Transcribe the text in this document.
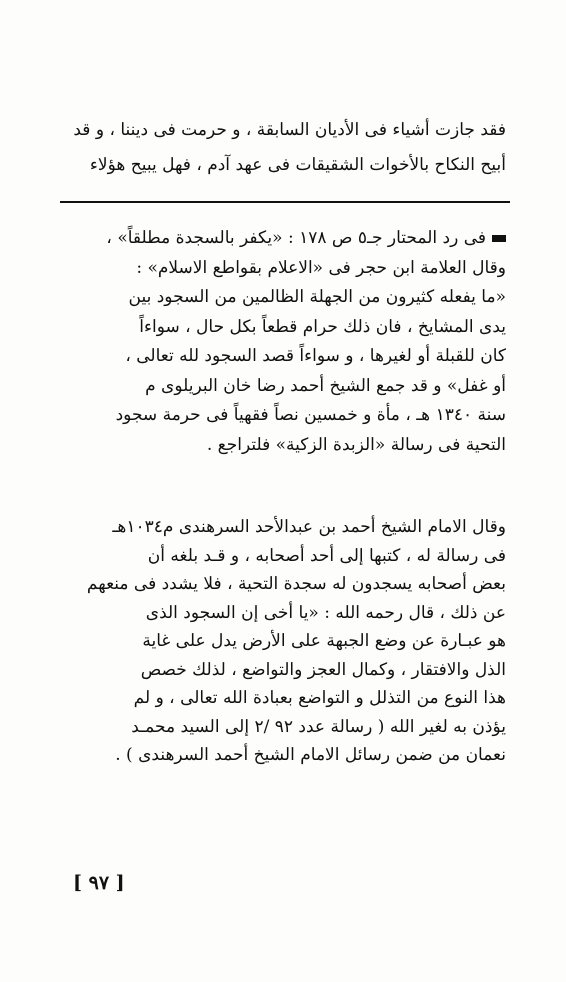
فقد جازت أشياء فى الأديان السابقة ، و حرمت فى ديننا ، و قد
أبيح النكاح بالأخوات الشقيقات فى عهد آدم ، فهل يبيح هؤلاء
فى رد المحتار جـ٥ ص ١٧٨ : «يكفر بالسجدة مطلقاً» ،
وقال العلامة ابن حجر فى «الاعلام بقواطع الاسلام» :
«ما يفعله كثيرون من الجهلة الظالمين من السجود بين
يدى المشايخ ، فان ذلك حرام قطعاً بكل حال ، سواءاً
كان للقبلة أو لغيرها ، و سواءاً قصد السجود لله تعالى ،
أو غفل» و قد جمع الشيخ أحمد رضا خان البريلوى م
سنة ١٣٤٠ هـ ، مأة و خمسين نصاً فقهياً فى حرمة سجود
التحية فى رسالة «الزبدة الزكية» فلتراجع .
وقال الامام الشيخ أحمد بن عبدالأحد السرهندى م١٠٣٤هـ
فى رسالة له ، كتبها إلى أحد أصحابه ، و قـد بلغه أن
بعض أصحابه يسجدون له سجدة التحية ، فلا يشدد فى منعهم
عن ذلك ، قال رحمه الله : «يا أخى إن السجود الذى
هو عبـارة عن وضع الجبهة على الأرض يدل على غاية
الذل والافتقار ، وكمال العجز والتواضع ، لذلك خصص
هذا النوع من التذلل و التواضع بعبادة الله تعالى ، و لم
يؤذن به لغير الله ( رسالة عدد ٩٢ /٢ إلى السيد محمـد
نعمان من ضمن رسائل الامام الشيخ أحمد السرهندى ) .
[ ٩٧ ]
